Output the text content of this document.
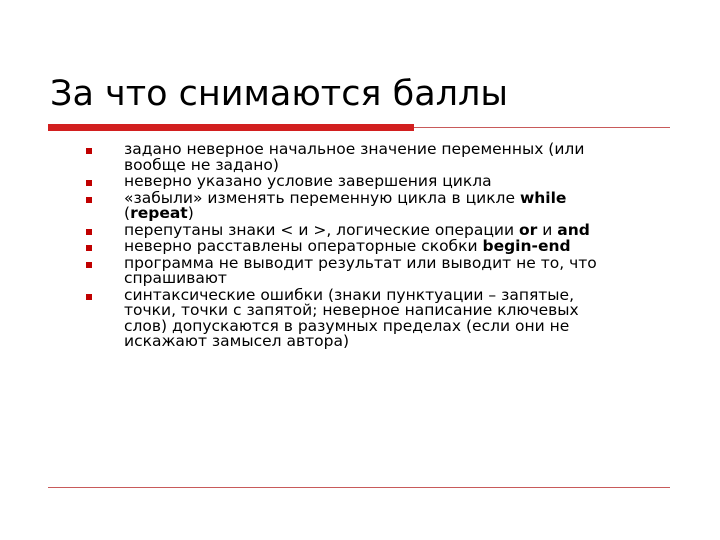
За что снимаются баллы
задано неверное начальное значение переменных (или
вообще не задано)
неверно указано условие завершения цикла
«забыли» изменять переменную цикла в цикле while
(repeat)
перепутаны знаки < и >, логические операции or и and
неверно расставлены операторные скобки begin-end
программа не выводит результат или выводит не то, что
спрашивают
синтаксические ошибки (знаки пунктуации – запятые,
точки, точки с запятой; неверное написание ключевых
слов) допускаются в разумных пределах (если они не
искажают замысел автора)
